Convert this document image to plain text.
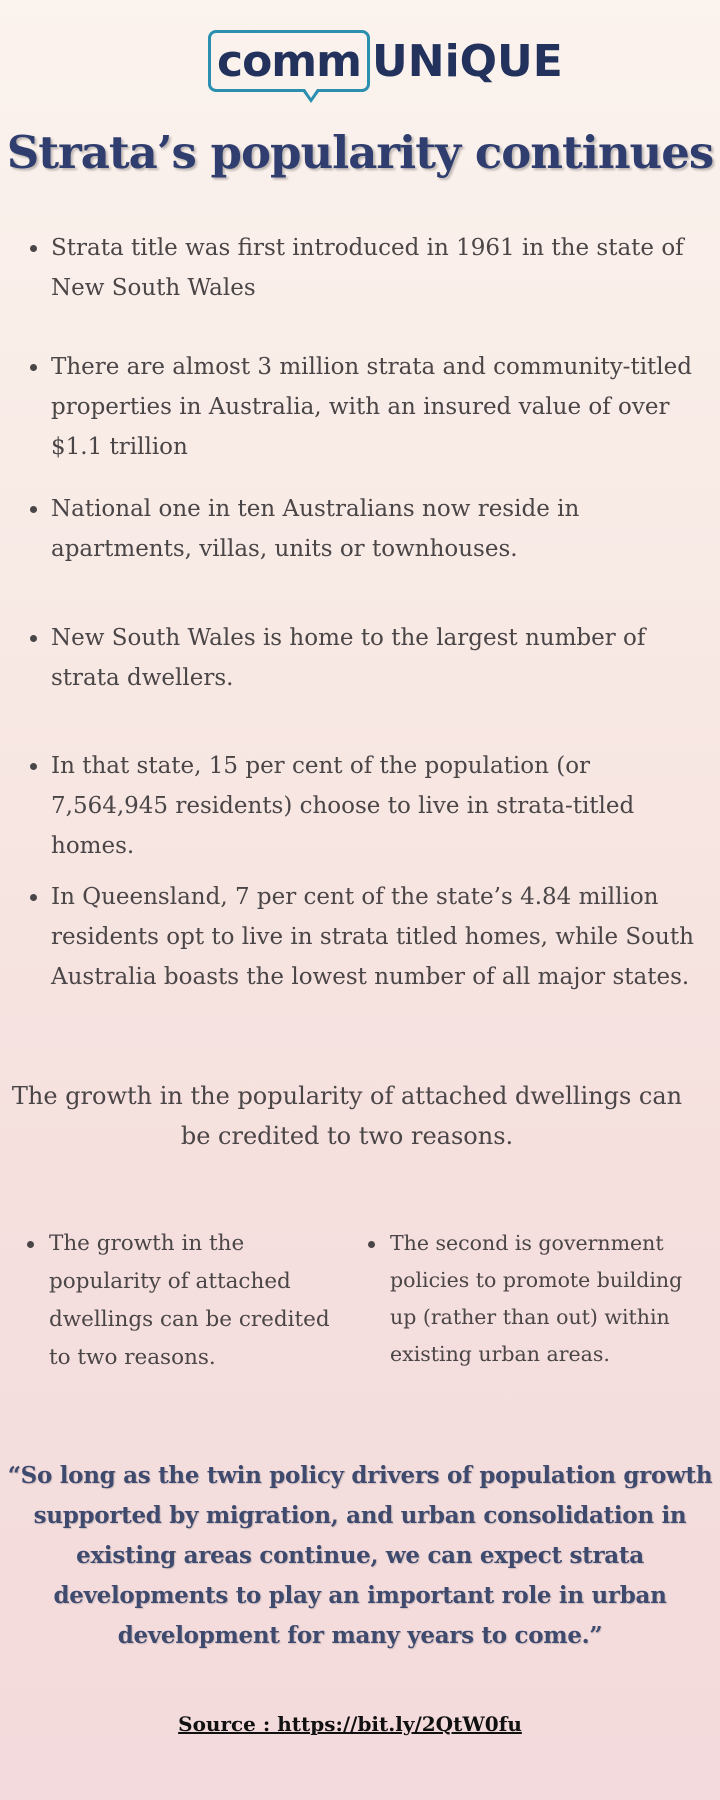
comm UNiQUE
Strata’s popularity continues
Strata title was first introduced in 1961 in the state of New South Wales
There are almost 3 million strata and community-titled properties in Australia, with an insured value of over $1.1 trillion
National one in ten Australians now reside in apartments, villas, units or townhouses.
New South Wales is home to the largest number of strata dwellers.
In that state, 15 per cent of the population (or 7,564,945 residents) choose to live in strata-titled homes.
In Queensland, 7 per cent of the state’s 4.84 million residents opt to live in strata titled homes, while South Australia boasts the lowest number of all major states.

The growth in the popularity of attached dwellings can be credited to two reasons.

The growth in the popularity of attached dwellings can be credited to two reasons.
The second is government policies to promote building up (rather than out) within existing urban areas.

“So long as the twin policy drivers of population growth supported by migration, and urban consolidation in existing areas continue, we can expect strata developments to play an important role in urban development for many years to come.”

Source : https://bit.ly/2QtW0fu
